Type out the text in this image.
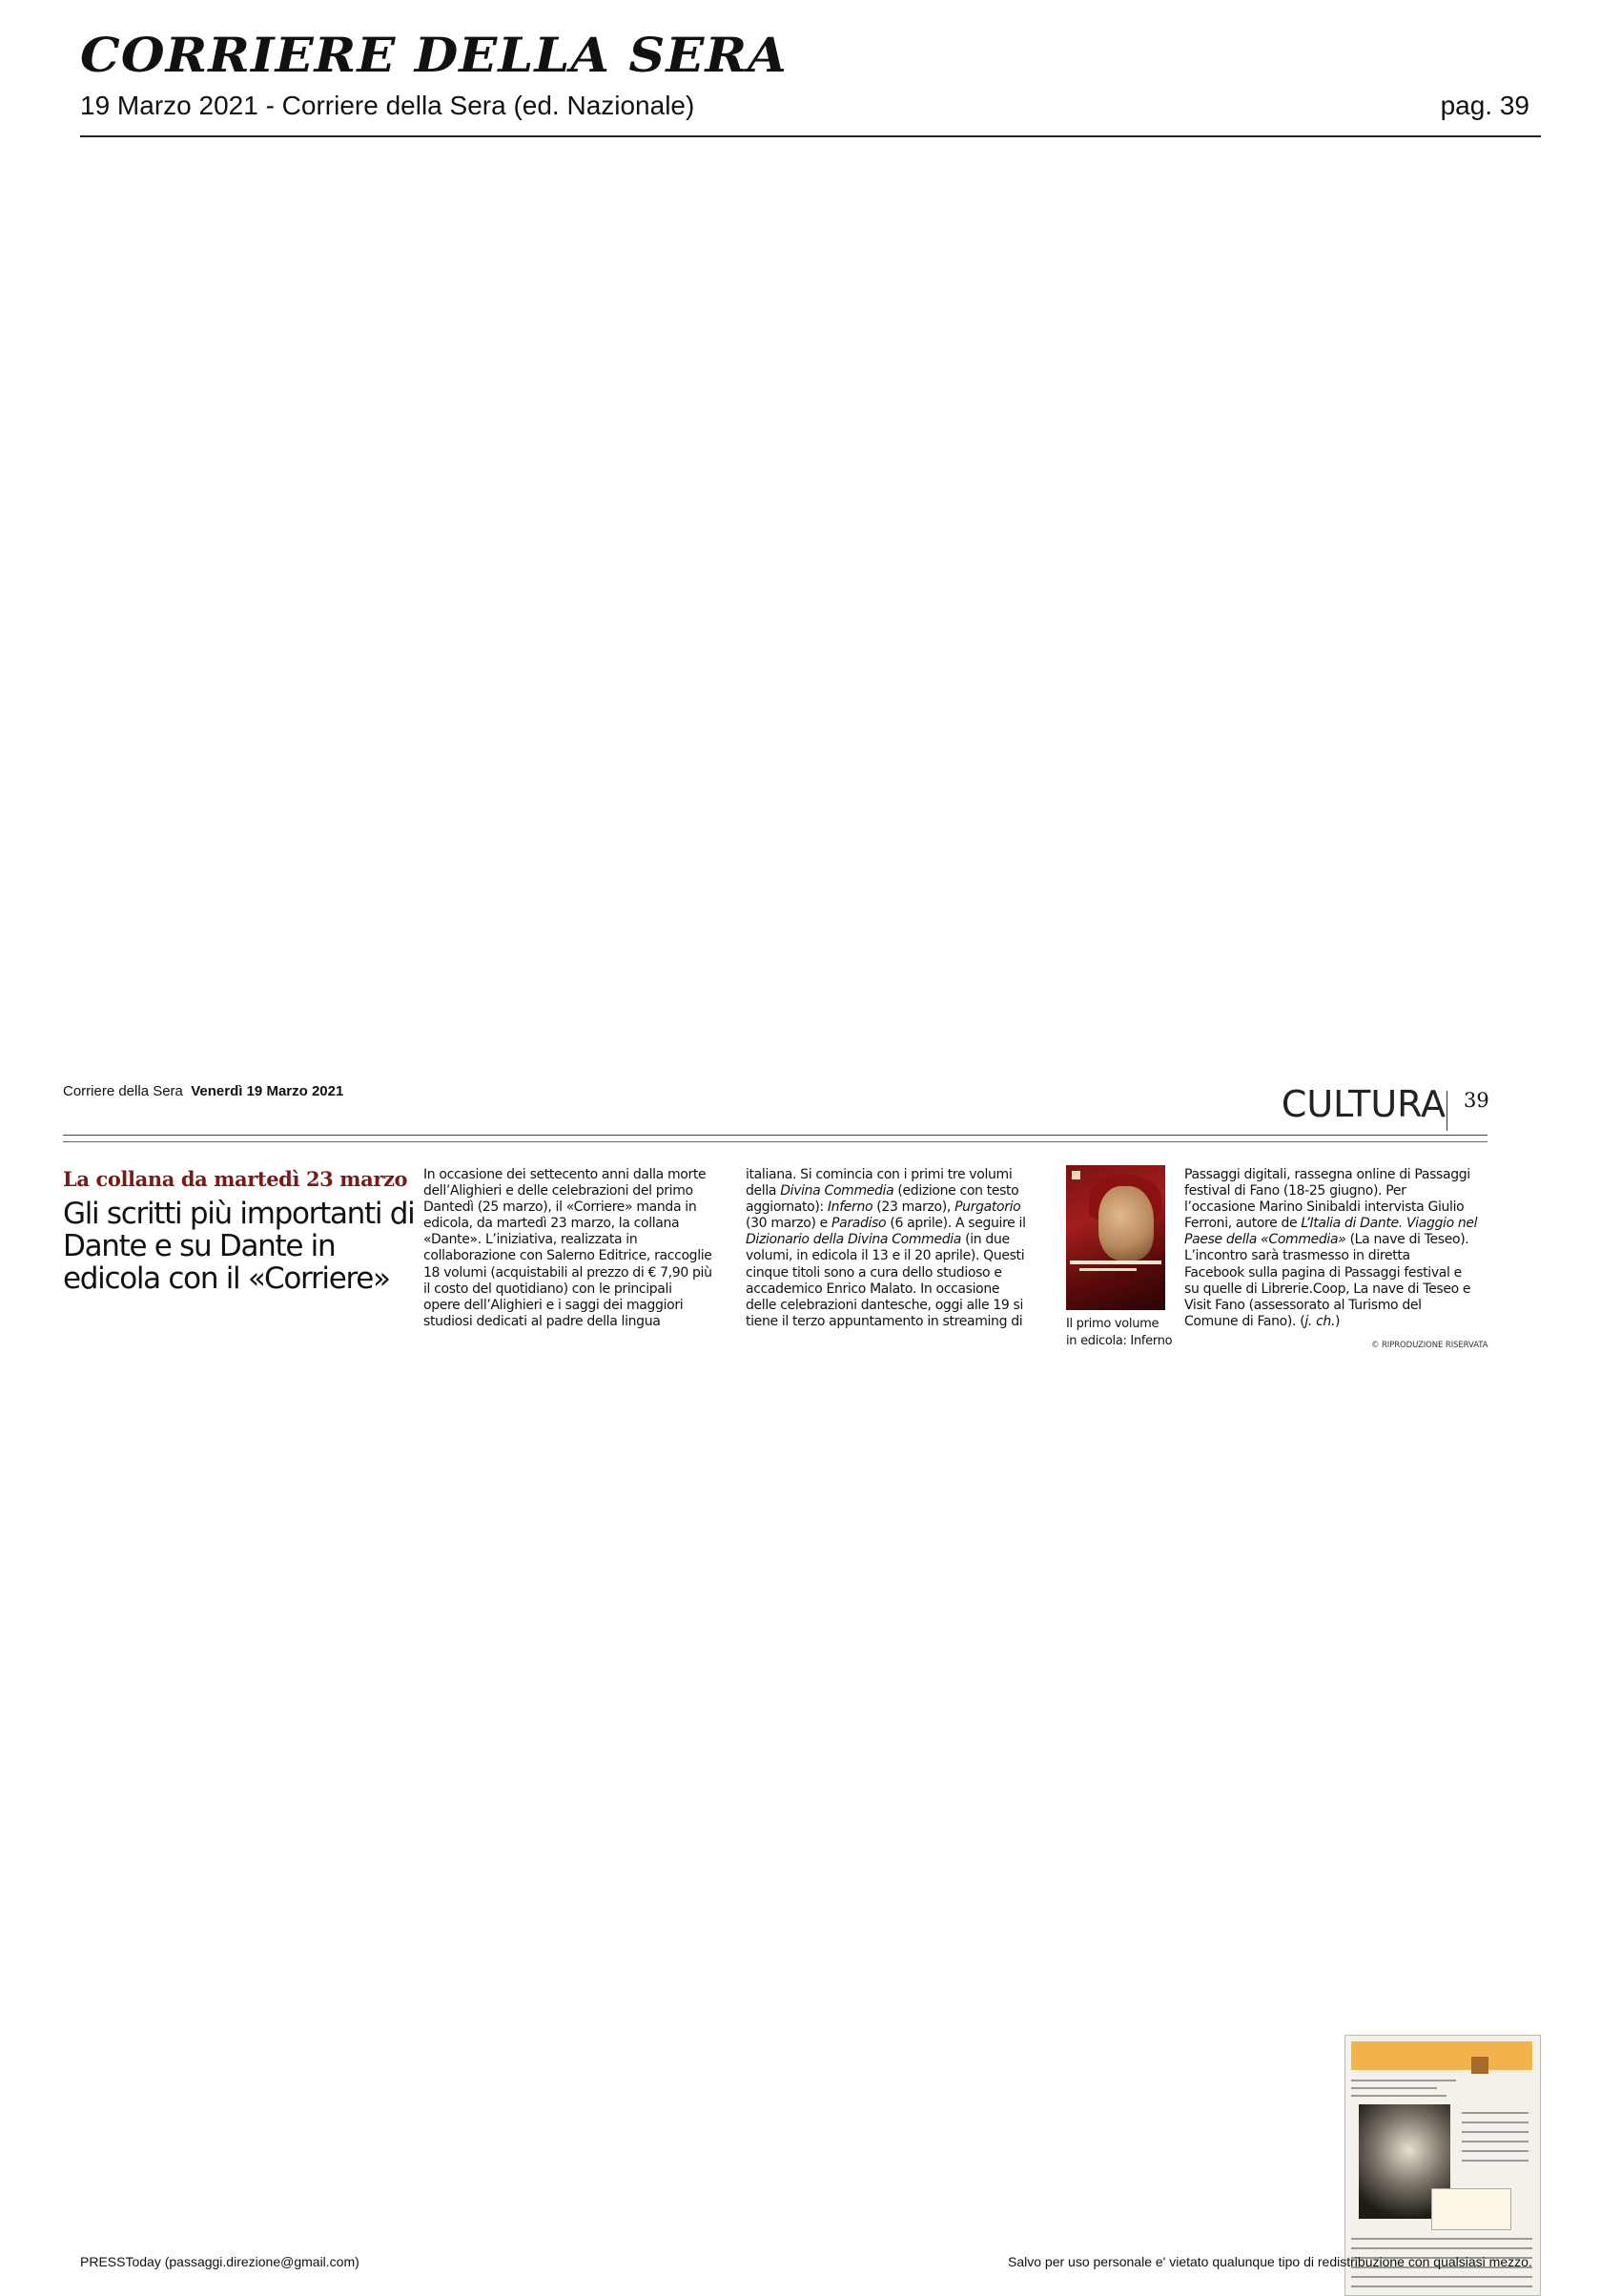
CORRIERE DELLA SERA
19 Marzo 2021 - Corriere della Sera (ed. Nazionale)	pag. 39
Corriere della Sera Venerdì 19 Marzo 2021	CULTURA 39
La collana da martedì 23 marzo
Gli scritti più importanti di Dante e su Dante in edicola con il «Corriere»
In occasione dei settecento anni dalla morte
dell’Alighieri e delle celebrazioni del primo
Dantedì (25 marzo), il «Corriere» manda in
edicola, da martedì 23 marzo, la collana
«Dante». L’iniziativa, realizzata in
collaborazione con Salerno Editrice, raccoglie
18 volumi (acquistabili al prezzo di € 7,90 più
il costo del quotidiano) con le principali
opere dell’Alighieri e i saggi dei maggiori
studiosi dedicati al padre della lingua
italiana. Si comincia con i primi tre volumi
della Divina Commedia (edizione con testo
aggiornato): Inferno (23 marzo), Purgatorio
(30 marzo) e Paradiso (6 aprile). A seguire il
Dizionario della Divina Commedia (in due
volumi, in edicola il 13 e il 20 aprile). Questi
cinque titoli sono a cura dello studioso e
accademico Enrico Malato. In occasione
delle celebrazioni dantesche, oggi alle 19 si
tiene il terzo appuntamento in streaming di	Il primo volume
in edicola: Inferno
Passaggi digitali, rassegna online di Passaggi
festival di Fano (18-25 giugno). Per
l’occasione Marino Sinibaldi intervista Giulio
Ferroni, autore de L’Italia di Dante. Viaggio nel
Paese della «Commedia» (La nave di Teseo).
L’incontro sarà trasmesso in diretta
Facebook sulla pagina di Passaggi festival e
su quelle di Librerie.Coop, La nave di Teseo e
Visit Fano (assessorato al Turismo del
Comune di Fano). (j. ch.)
© RIPRODUZIONE RISERVATA
PRESSToday (passaggi.direzione@gmail.com)	Salvo per uso personale e' vietato qualunque tipo di redistribuzione con qualsiasi mezzo.
